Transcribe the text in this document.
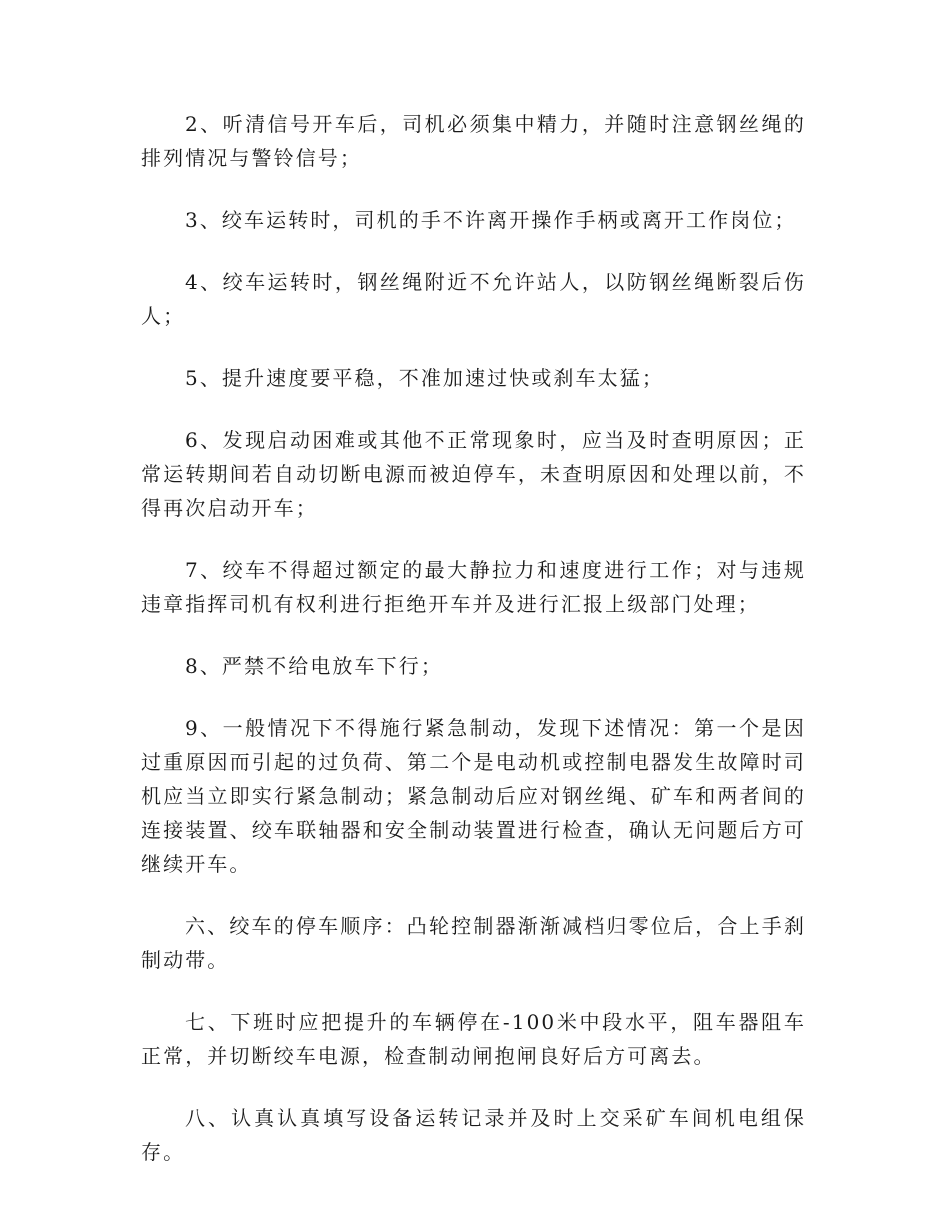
2、听清信号开车后，司机必须集中精力，并随时注意钢丝绳的排列情况与警铃信号；

3、绞车运转时，司机的手不许离开操作手柄或离开工作岗位；

4、绞车运转时，钢丝绳附近不允许站人，以防钢丝绳断裂后伤人；

5、提升速度要平稳，不准加速过快或刹车太猛；

6、发现启动困难或其他不正常现象时，应当及时查明原因；正常运转期间若自动切断电源而被迫停车，未查明原因和处理以前，不得再次启动开车；

7、绞车不得超过额定的最大静拉力和速度进行工作；对与违规违章指挥司机有权利进行拒绝开车并及进行汇报上级部门处理；

8、严禁不给电放车下行；

9、一般情况下不得施行紧急制动，发现下述情况：第一个是因过重原因而引起的过负荷、第二个是电动机或控制电器发生故障时司机应当立即实行紧急制动；紧急制动后应对钢丝绳、矿车和两者间的连接装置、绞车联轴器和安全制动装置进行检查，确认无问题后方可继续开车。

六、绞车的停车顺序：凸轮控制器渐渐减档归零位后，合上手刹制动带。

七、下班时应把提升的车辆停在-100米中段水平，阻车器阻车正常，并切断绞车电源，检查制动闸抱闸良好后方可离去。

八、认真认真填写设备运转记录并及时上交采矿车间机电组保存。
